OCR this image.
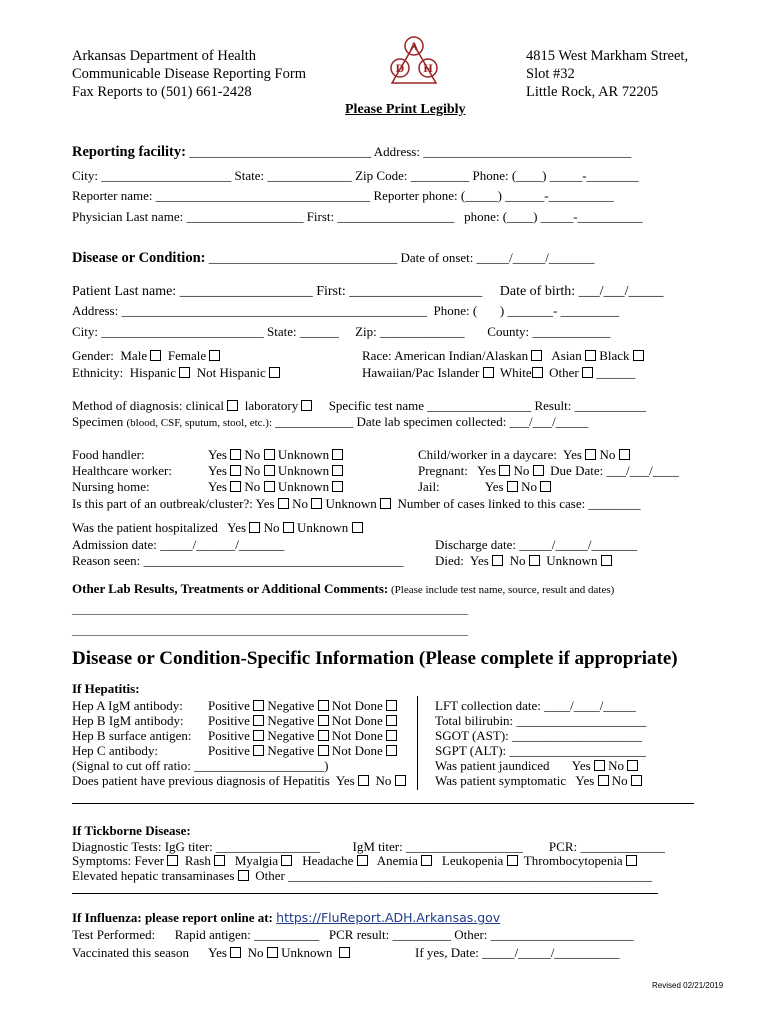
Arkansas Department of Health
Communicable Disease Reporting Form
Fax Reports to (501) 661-2428
4815 West Markham Street,
Slot #32
Little Rock, AR 72205
A
D H
Please Print Legibly
Reporting facility: ____________________________ Address: ________________________________
City: ____________________ State: _____________ Zip Code: _________ Phone: (____) _____-________
Reporter name: _________________________________ Reporter phone: (_____) ______-__________
Physician Last name: __________________ First: __________________   phone: (____) _____-__________
Disease or Condition: _____________________________ Date of onset: _____/_____/_______
Patient Last name: ___________________ First: ___________________     Date of birth: ___/___/_____
Address: _______________________________________________  Phone: (       ) _______- _________
City: _________________________ State: ______     Zip: _____________       County: ____________
Gender: Male Female
Ethnicity: Hispanic Not Hispanic
Race: American Indian/Alaskan Asian Black
Hawaiian/Pac Islander White Other ______
Method of diagnosis: clinical laboratory Specific test name ________________ Result: ___________
Specimen (blood, CSF, sputum, stool, etc.): ____________ Date lab specimen collected: ___/___/_____
Food handler:
Healthcare worker:
Nursing home:
Yes No Unknown
Yes No Unknown
Yes No Unknown
Child/worker in a daycare: Yes No
Pregnant: Yes No Due Date: ___/___/____
Jail:	Yes No
Is this part of an outbreak/cluster?: Yes No Unknown Number of cases linked to this case: ________
Was the patient hospitalized Yes No Unknown
Admission date: _____/______/_______
Reason seen: ________________________________________
Discharge date: _____/_____/_______
Died: Yes No Unknown
Other Lab Results, Treatments or Additional Comments: (Please include test name, source, result and dates)
________________________________________________________________________
________________________________________________________________________
Disease or Condition-Specific Information (Please complete if appropriate)
If Hepatitis:
Hep A IgM antibody:
Hep B IgM antibody:
Hep B surface antigen:
Hep C antibody:
Positive Negative Not Done
Positive Negative Not Done
Positive Negative Not Done
Positive Negative Not Done
(Signal to cut off ratio: ____________________)
Does patient have previous diagnosis of Hepatitis Yes No
LFT collection date: ____/____/_____
Total bilirubin: ____________________
SGOT (AST): ____________________
SGPT (ALT): _____________________
Was patient jaundiced Yes No
Was patient symptomatic Yes No
If Tickborne Disease:
Diagnostic Tests: IgG titer: ________________          IgM titer: __________________        PCR: _____________
Symptoms: Fever Rash Myalgia Headache Anemia Leukopenia Thrombocytopenia
Elevated hepatic transaminases Other ________________________________________________________
If Influenza: please report online at: https://FluReport.ADH.Arkansas.gov
Test Performed:      Rapid antigen: __________   PCR result: _________ Other: ______________________
Vaccinated this season Yes No Unknown	If yes, Date: _____/_____/__________
Revised 02/21/2019
